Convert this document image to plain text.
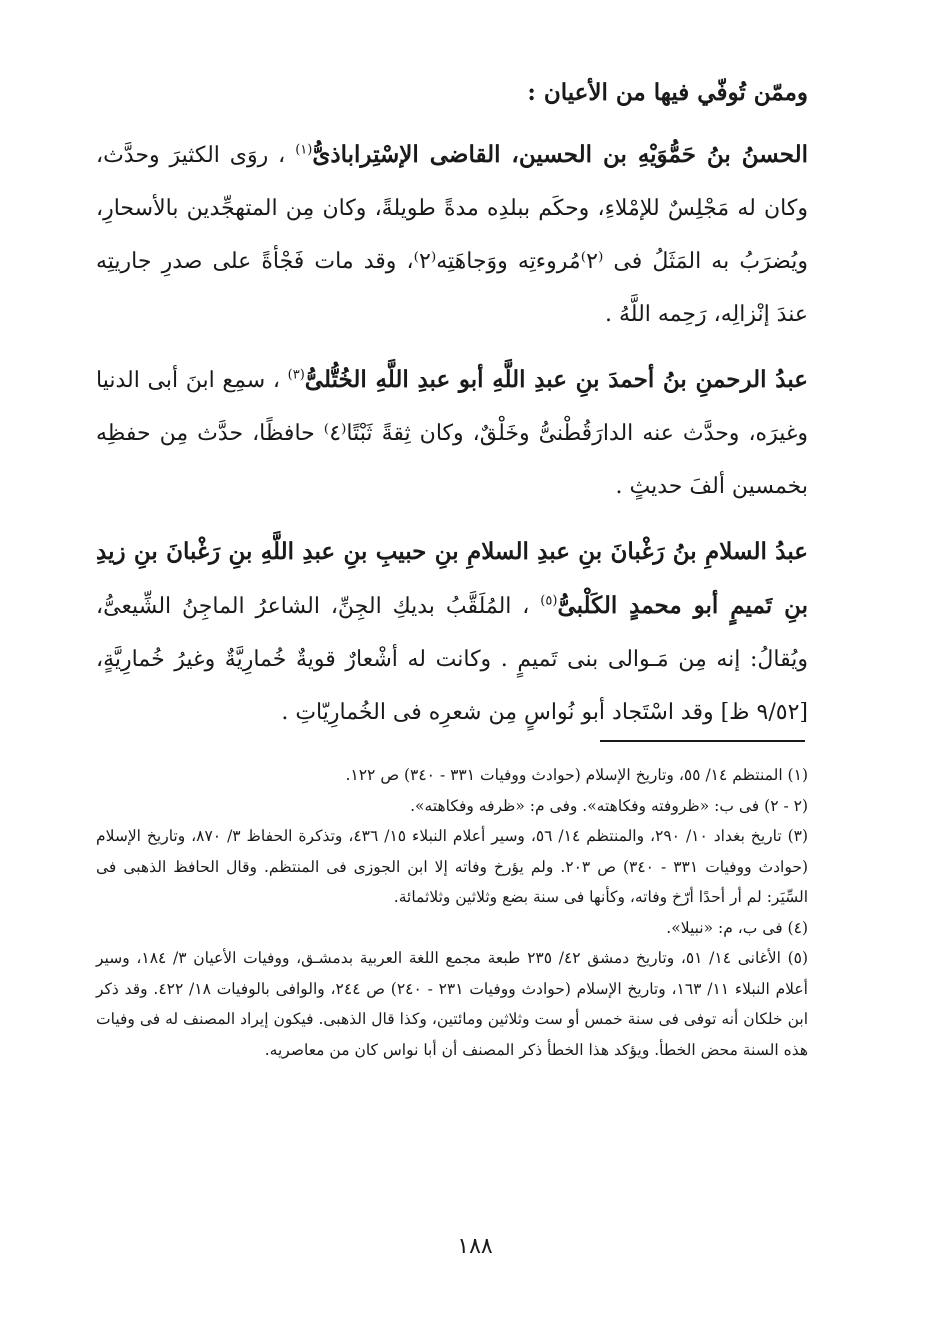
وممّن تُوفّي فيها من الأعيان :

الحسنُ بنُ حَمُّوَيْهِ بن الحسين، القاضى الإسْتِراباذىُّ$^{(١)}$ ، روَى الكثيرَ وحدَّث، وكان له مَجْلِسٌ للإمْلاءِ، وحكَم ببلدِه مدةً طويلةً، وكان مِن المتهجِّدين بالأسحارِ، ويُضرَبُ به المَثَلُ فى ⁽٢⁾مُروءتِه ووَجاهَتِه⁽٢⁾، وقد مات فَجْأةً على صدرِ جاريتِه عندَ إنْزالِه، رَحِمه اللَّهُ .

عبدُ الرحمنِ بنُ أحمدَ بنِ عبدِ اللَّهِ أبو عبدِ اللَّهِ الخُتُّلىُّ$^{(٣)}$ ، سمِع ابنَ أبى الدنيا وغيرَه، وحدَّث عنه الدارَقُطْنىُّ وخَلْقٌ، وكان ثِقةً ثَبْتًا⁽٤⁾ حافظًا، حدَّث مِن حفظِه بخمسين ألفَ حديثٍ .

عبدُ السلامِ بنُ رَغْبانَ بنِ عبدِ السلامِ بنِ حبيبِ بنِ عبدِ اللَّهِ بنِ رَغْبانَ بنِ زيدِ بنِ تَميمٍ أبو محمدٍ الكَلْبىُّ$^{(٥)}$ ، المُلَقَّبُ بديكِ الجِنِّ، الشاعرُ الماجِنُ الشِّيعىُّ، ويُقالُ: إنه مِن مَـوالى بنى تَميمٍ . وكانت له أشْعارٌ قويةٌ خُمارِيَّةٌ وغيرُ خُمارِيَّةٍ، [٩/٥٢ ظ] وقد اسْتَجاد أبو نُواسٍ مِن شعرِه فى الخُمارِيّاتِ .

(١) المنتظم ١٤/ ٥٥، وتاريخ الإسلام (حوادث ووفيات ٣٣١ - ٣٤٠) ص ١٢٢.

(٢ - ٢) فى ب: «ظروفته وفكاهته». وفى م: «ظرفه وفكاهته».

(٣) تاريخ بغداد ١٠/ ٢٩٠، والمنتظم ١٤/ ٥٦، وسير أعلام النبلاء ١٥/ ٤٣٦، وتذكرة الحفاظ ٣/ ٨٧٠، وتاريخ الإسلام (حوادث ووفيات ٣٣١ - ٣٤٠) ص ٢٠٣. ولم يؤرخ وفاته إلا ابن الجوزى فى المنتظم. وقال الحافظ الذهبى فى السِّيَر: لم أر أحدًا أرّخ وفاته، وكأنها فى سنة بضع وثلاثين وثلاثمائة.

(٤) فى ب، م: «نبيلا».

(٥) الأغانى ١٤/ ٥١، وتاريخ دمشق ٤٢/ ٢٣٥ طبعة مجمع اللغة العربية بدمشـق، ووفيات الأعيان ٣/ ١٨٤، وسير أعلام النبلاء ١١/ ١٦٣، وتاريخ الإسلام (حوادث ووفيات ٢٣١ - ٢٤٠) ص ٢٤٤، والوافى بالوفيات ١٨/ ٤٢٢. وقد ذكر ابن خلكان أنه توفى فى سنة خمس أو ست وثلاثين ومائتين، وكذا قال الذهبى. فيكون إيراد المصنف له فى وفيات هذه السنة محض الخطأ. ويؤكد هذا الخطأ ذكر المصنف أن أبا نواس كان من معاصريه.

١٨٨
